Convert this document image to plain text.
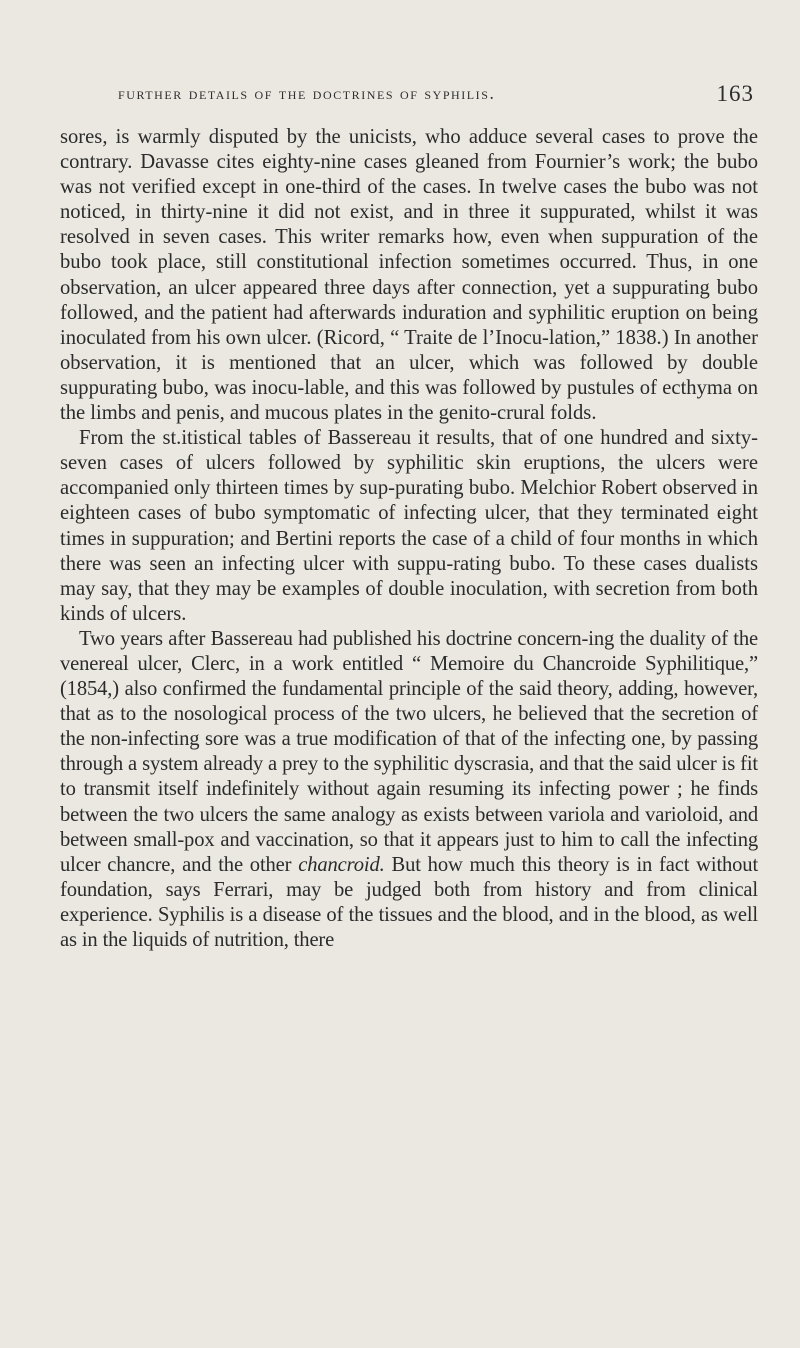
further details of the doctrines of syphilis.	163

sores, is warmly disputed by the unicists, who adduce several cases to prove the contrary. Davasse cites eighty-nine cases gleaned from Fournier’s work; the bubo was not verified except in one-third of the cases. In twelve cases the bubo was not noticed, in thirty-nine it did not exist, and in three it suppurated, whilst it was resolved in seven cases. This writer remarks how, even when suppuration of the bubo took place, still constitutional infection sometimes occurred. Thus, in one observation, an ulcer appeared three days after connection, yet a suppurating bubo followed, and the patient had afterwards induration and syphilitic eruption on being inoculated from his own ulcer. (Ricord, “ Traite de l’Inocu-lation,” 1838.) In another observation, it is mentioned that an ulcer, which was followed by double suppurating bubo, was inocu-lable, and this was followed by pustules of ecthyma on the limbs and penis, and mucous plates in the genito-crural folds.

From the st.itistical tables of Bassereau it results, that of one hundred and sixty-seven cases of ulcers followed by syphilitic skin eruptions, the ulcers were accompanied only thirteen times by sup-purating bubo. Melchior Robert observed in eighteen cases of bubo symptomatic of infecting ulcer, that they terminated eight times in suppuration; and Bertini reports the case of a child of four months in which there was seen an infecting ulcer with suppu-rating bubo. To these cases dualists may say, that they may be examples of double inoculation, with secretion from both kinds of ulcers.

Two years after Bassereau had published his doctrine concern-ing the duality of the venereal ulcer, Clerc, in a work entitled “ Memoire du Chancroide Syphilitique,” (1854,) also confirmed the fundamental principle of the said theory, adding, however, that as to the nosological process of the two ulcers, he believed that the secretion of the non-infecting sore was a true modification of that of the infecting one, by passing through a system already a prey to the syphilitic dyscrasia, and that the said ulcer is fit to transmit itself indefinitely without again resuming its infecting power ; he finds between the two ulcers the same analogy as exists between variola and varioloid, and between small-pox and vaccination, so that it appears just to him to call the infecting ulcer chancre, and the other chancroid. But how much this theory is in fact without foundation, says Ferrari, may be judged both from history and from clinical experience. Syphilis is a disease of the tissues and the blood, and in the blood, as well as in the liquids of nutrition, there
